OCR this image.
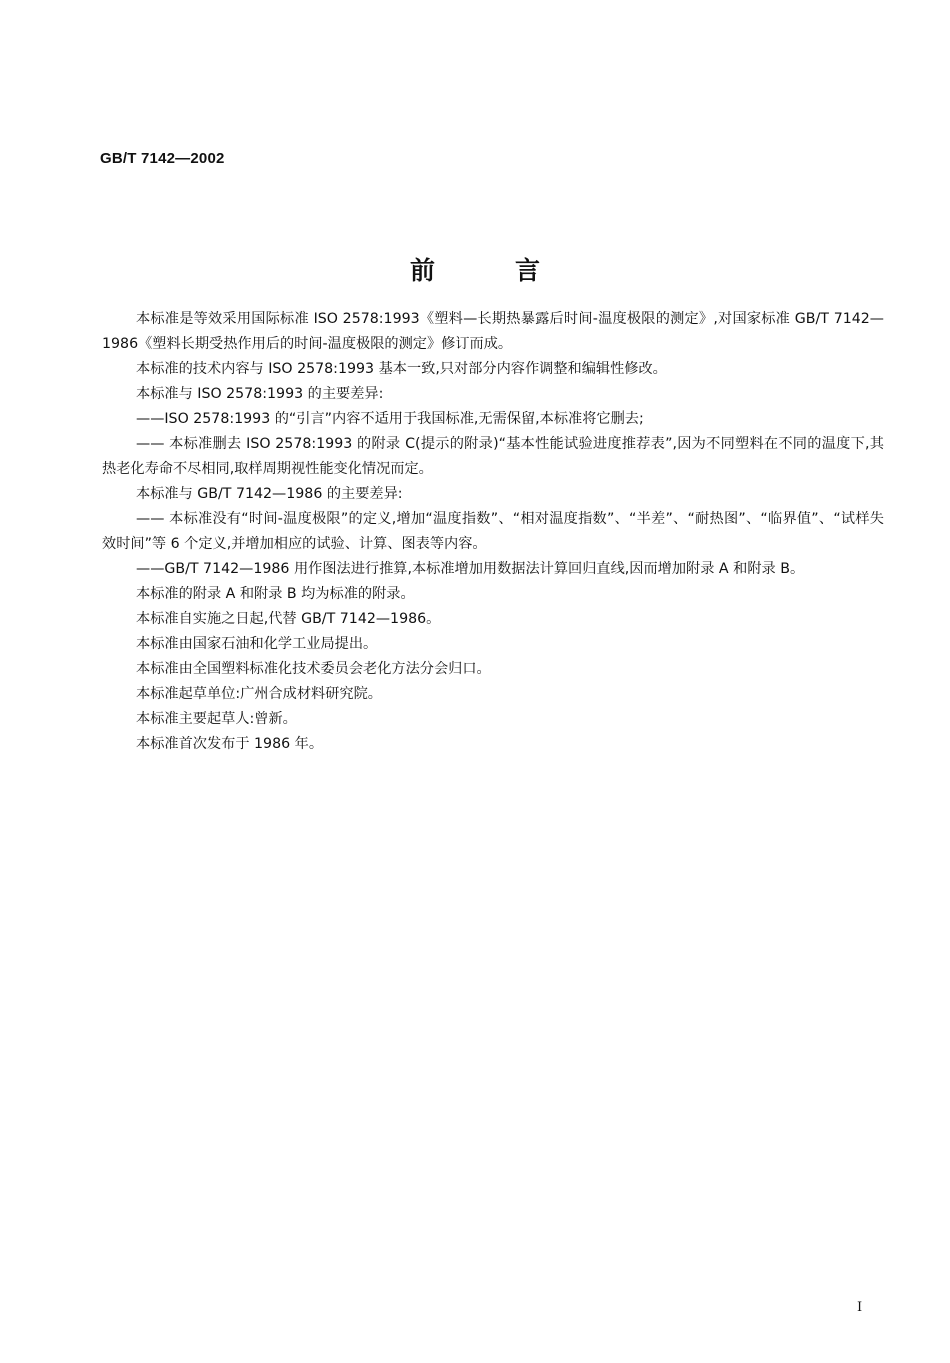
GB/T 7142—2002
前言

本标准是等效采用国际标准 ISO 2578:1993《塑料—长期热暴露后时间-温度极限的测定》,对国家标准 GB/T 7142—1986《塑料长期受热作用后的时间-温度极限的测定》修订而成。

本标准的技术内容与 ISO 2578:1993 基本一致,只对部分内容作调整和编辑性修改。

本标准与 ISO 2578:1993 的主要差异:

——ISO 2578:1993 的“引言”内容不适用于我国标准,无需保留,本标准将它删去;

—— 本标准删去 ISO 2578:1993 的附录 C(提示的附录)“基本性能试验进度推荐表”,因为不同塑料在不同的温度下,其热老化寿命不尽相同,取样周期视性能变化情况而定。

本标准与 GB/T 7142—1986 的主要差异:

—— 本标准没有“时间-温度极限”的定义,增加“温度指数”、“相对温度指数”、“半差”、“耐热图”、“临界值”、“试样失效时间”等 6 个定义,并增加相应的试验、计算、图表等内容。

——GB/T 7142—1986 用作图法进行推算,本标准增加用数据法计算回归直线,因而增加附录 A 和附录 B。

本标准的附录 A 和附录 B 均为标准的附录。

本标准自实施之日起,代替 GB/T 7142—1986。

本标准由国家石油和化学工业局提出。

本标准由全国塑料标准化技术委员会老化方法分会归口。

本标准起草单位:广州合成材料研究院。

本标准主要起草人:曾新。

本标准首次发布于 1986 年。

I
